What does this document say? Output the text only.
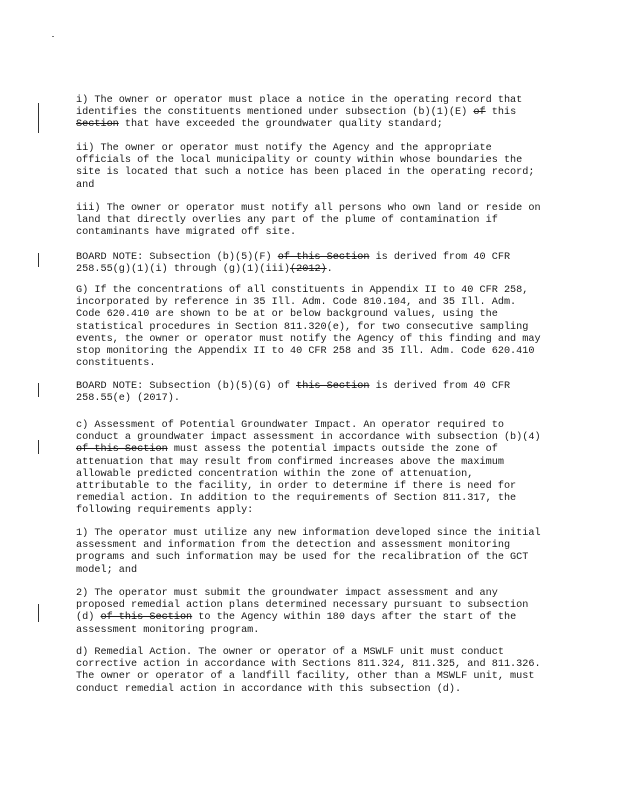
i) The owner or operator must place a notice in the operating record that identifies the constituents mentioned under subsection (b)(1)(E) of this Section that have exceeded the groundwater quality standard;

ii) The owner or operator must notify the Agency and the appropriate officials of the local municipality or county within whose boundaries the site is located that such a notice has been placed in the operating record; and

iii) The owner or operator must notify all persons who own land or reside on land that directly overlies any part of the plume of contamination if contaminants have migrated off site.

BOARD NOTE: Subsection (b)(5)(F) of this Section is derived from 40 CFR 258.55(g)(1)(i) through (g)(1)(iii)(2012).

G) If the concentrations of all constituents in Appendix II to 40 CFR 258, incorporated by reference in 35 Ill. Adm. Code 810.104, and 35 Ill. Adm. Code 620.410 are shown to be at or below background values, using the statistical procedures in Section 811.320(e), for two consecutive sampling events, the owner or operator must notify the Agency of this finding and may stop monitoring the Appendix II to 40 CFR 258 and 35 Ill. Adm. Code 620.410 constituents.

BOARD NOTE: Subsection (b)(5)(G) of this Section is derived from 40 CFR 258.55(e) (2017).

c) Assessment of Potential Groundwater Impact. An operator required to conduct a groundwater impact assessment in accordance with subsection (b)(4) of this Section must assess the potential impacts outside the zone of attenuation that may result from confirmed increases above the maximum allowable predicted concentration within the zone of attenuation, attributable to the facility, in order to determine if there is need for remedial action. In addition to the requirements of Section 811.317, the following requirements apply:

1) The operator must utilize any new information developed since the initial assessment and information from the detection and assessment monitoring programs and such information may be used for the recalibration of the GCT model; and

2) The operator must submit the groundwater impact assessment and any proposed remedial action plans determined necessary pursuant to subsection (d) of this Section to the Agency within 180 days after the start of the assessment monitoring program.

d) Remedial Action. The owner or operator of a MSWLF unit must conduct corrective action in accordance with Sections 811.324, 811.325, and 811.326. The owner or operator of a landfill facility, other than a MSWLF unit, must conduct remedial action in accordance with this subsection (d).
